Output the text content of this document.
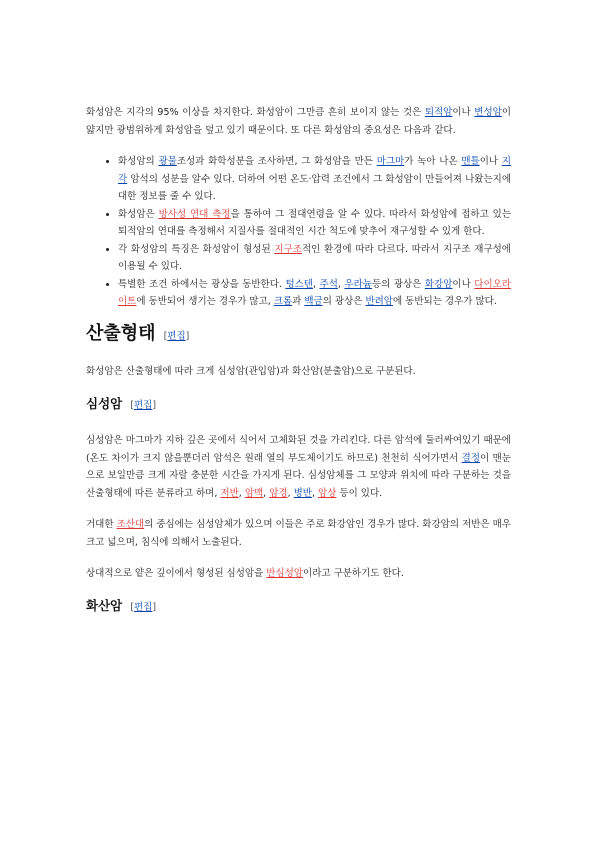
화성암은 지각의 95% 이상을 차지한다. 화성암이 그만큼 흔히 보이지 않는 것은 퇴적암이나 변성암이 얇지만 광범위하게 화성암을 덮고 있기 때문이다. 또 다른 화성암의 중요성은 다음과 같다.

• 화성암의 광물조성과 화학성분을 조사하면, 그 화성암을 만든 마그마가 녹아 나온 맨틀이나 지각 암석의 성분을 알수 있다. 더하여 어떤 온도·압력 조건에서 그 화성암이 만들어져 나왔는지에 대한 정보를 줄 수 있다.
• 화성암은 방사성 연대 측정을 통하여 그 절대연령을 알 수 있다. 따라서 화성암에 접하고 있는 퇴적암의 연대를 측정해서 지질사를 절대적인 시간 척도에 맞추어 재구성할 수 있게 한다.
• 각 화성암의 특징은 화성암이 형성된 지구조적인 환경에 따라 다르다. 따라서 지구조 재구성에 이용될 수 있다.
• 특별한 조건 하에서는 광상을 동반한다. 텅스텐, 주석, 우라늄등의 광상은 화강암이나 다이오라이트에 동반되어 생기는 경우가 많고, 크롬과 백금의 광상은 반려암에 동반되는 경우가 많다.
산출형태 [편집]

화성암은 산출형태에 따라 크게 심성암(관입암)과 화산암(분출암)으로 구분된다.

심성암 [편집]

심성암은 마그마가 지하 깊은 곳에서 식어서 고체화된 것을 가리킨다. 다른 암석에 둘러싸여있기 때문에 (온도 차이가 크지 않을뿐더러 암석은 원래 열의 부도체이기도 하므로) 천천히 식어가면서 결정이 맨눈으로 보일만큼 크게 자랄 충분한 시간을 가지게 된다. 심성암체를 그 모양과 위치에 따라 구분하는 것을 산출형태에 따른 분류라고 하며, 저반, 암맥, 암경, 병반, 암상 등이 있다.

거대한 조산대의 중심에는 심성암체가 있으며 이들은 주로 화강암인 경우가 많다. 화강암의 저반은 매우 크고 넓으며, 침식에 의해서 노출된다.

상대적으로 얕은 깊이에서 형성된 심성암을 반심성암이라고 구분하기도 한다.

화산암 [편집]
